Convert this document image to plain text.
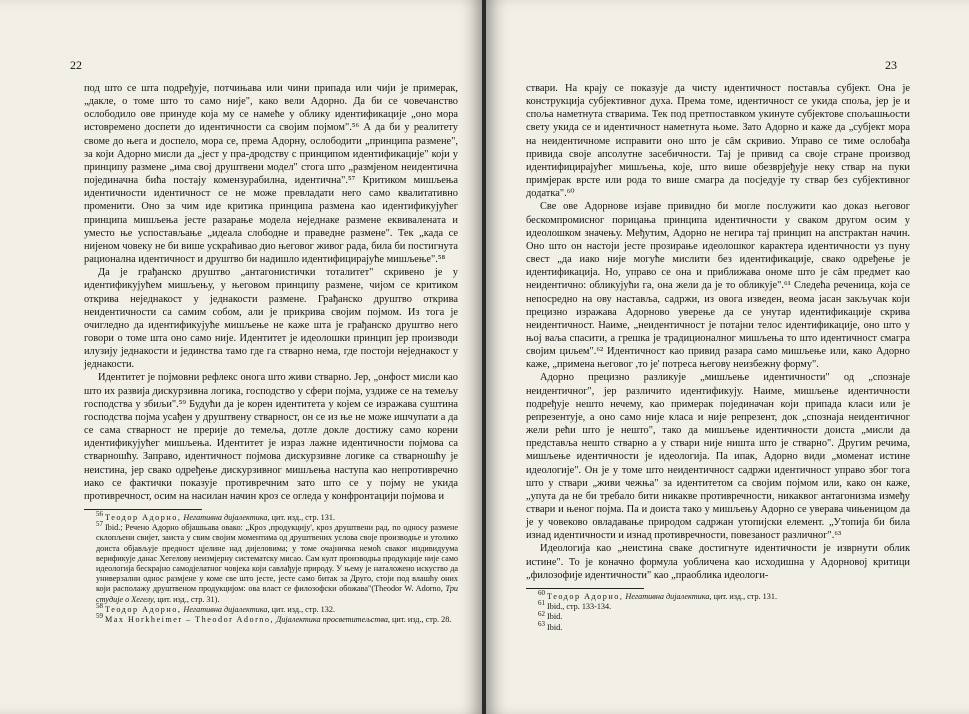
22

под што се шта подређује, потчињава или чини припада или чији је примерак, „дакле, о томе што то само није", како вели Адорно. Да би се човечанство ослободило ове принуде која му се намеће у облику идентификације „оно мора истовремено доспети до идентичности са својим појмом".⁵⁶ А да би у реалитету своме до њега и доспело, мора се, према Адорну, ослободити „принципа размене", за који Адорно мисли да „јест у пра-дродству с принципом идентификације" који у принципу размене „има свој друштвени модел" стога што „размјеном неидентична појединачна бића постају комензурабилна, идентична".⁵⁷ Критиком мишљења идентичности идентичност се не може превладати него само квалитативно променити. Оно за чим иде критика принципа размена као идентификујућег принципа мишљења јесте разарање модела неједнаке размене еквивалената и уместо ње успостављање „идеала слободне и праведне размене". Тек „када се нијеном човеку не би више ускраћивао дио његовог живог рада, била би постигнута рационална идентичност и друштво би надишло идентифицирајуће мишљење".⁵⁸

Да је грађанско друштво „антагонистички тоталитет" скривено је у идентификујућем мишљењу, у његовом принципу размене, чијом се критиком открива неједнакост у једнакости размене. Грађанско друштво открива неидентичности са самим собом, али је прикрива својим појмом. Из тога је очигледно да идентификујуће мишљење не каже шта је грађанско друштво него говори о томе шта оно само није. Идентитет је идеолошки принцип јер производи илузију једнакости и јединства тамо где га стварно нема, где постоји неједнакост у једнакости.

Идентитет је појмовни рефлекс онога што живи стварно. Јер, „онфост мисли као што их развија дискурзивна логика, господство у сфери појма, уздиже се на темељу господства у збиљи".⁵⁹ Будући да је корен идентитета у којем се изражава суштина господства појма усађен у друштвену стварност, он се из ње не може ишчупати а да се сама стварност не прерије до темеља, дотле докле достижу само корени идентификујућег мишљења. Идентитет је израз лажне идентичности појмова са стварношћу. Заправо, идентичност појмова дискурзивне логике са стварношћу је неистина, јер свако одређење дискурзивног мишљења наступа као непротивречно иако се фактички показује противречним зато што се у појму не укида противречност, осим на насилан начин кроз се огледа у конфронтацији појмова и

56 Теодор Адорно, Негативна дијалектика, цит. изд., стр. 131.

57 Ibid.; Речено Адорно објашњава овако: „Крoз ,продукцију', кроз друштвени рад, по односу размене склопљени свијет, заиста у свим својим моментима од друштвених услова своје производње и утолико доиста објављује предност цјелине над дијеловима; у томе очајничка немоћ сваког индивидуума верификује данас Хегелову неизмјерну систематску мисао. Сам култ производња продукције није само идеологија бескрајно самодјелатног човјека који савлађује природу. У њему је наталожено искуство да универзални однос размјене у коме све што јесте, јесте само битак за Друго, стоји под влашћу оних који располажу друштвеном продукцијом: ова власт се филозофски обожава"(Theodor W. Adorno, Три студије о Хегелу, цит. изд., стр. 31).

58 Теодор Адорно, Негативна дијалектика, цит. изд., стр. 132.

59 Max Horkheimer – Theodor Adorno, Дијалектика просветитељства, цит. изд., стр. 28.

23

ствари. На крају се показује да чисту идентичност поставља субјект. Она је конструкција субјективног духа. Према томе, идентичност се укида споља, јер је и споља наметнута стварима. Тек под претпоставком укинуте субјектове спољашњости свету укида се и идентичност наметнута њоме. Зато Адорно и каже да „субјект мора на неидентичноме исправити оно што је сâм скривио. Управо се тиме ослобађа привида своје апсолутне засебичности. Тај је привид са своје стране производ идентифицирајућег мишљења, које, што више обезврјеђује неку ствар на пуки примјерак врсте или рода то више смагра да посједује ту ствар без субјективног додатка".⁶⁰

Све ове Адорнове изјаве привидно би могле послужити као доказ његовог бескомпромисног порицања принципа идентичности у сваком другом осим у идеолошком значењу. Међутим, Адорно не негира тај принцип на апстрактан начин. Оно што он настоји јесте прозирање идеолошког карактера идентичности уз пуну свест „да иако није могуће мислити без идентификације, свако одређење је идентификација. Но, управо се она и приближава ономе што је сâм предмет као неидентично: обликујући га, она жели да је то обликује".⁶¹ Следећа реченица, која се непосредно на ову наставља, садржи, из овога изведен, веома јасан закључак који прецизно изражава Адорново уверење да се унутар идентификације скрива неидентичност. Наиме, „неидентичност је потајни телос идентификације, оно што у њој ваља спасити, а грешка је традиционалног мишљења то што идентичност смагра својим циљем".⁶² Идентичност као привид разара само мишљење или, како Адорно каже, „примена његовог ,то је' потреса његову неизбежну форму".

Адорно прецизно разликује „мишљење идентичности" од „спознаје неидентичног", јер различито идентификују. Наиме, мишљење идентичности подређује нешто нечему, као примерак појединачан који припада класи или је репрезентује, а оно само није класа и није репрезент, док „спознаја неидентичног жели рећи што је нешто", тако да мишљење идентичности доиста „мисли да представља нешто стварно а у ствари није ништа што је стварно". Другим речима, мишљење идентичности је идеологија. Па ипак, Адорно види „моменат истине идеологије". Он је у томе што неидентичност садржи идентичност управо због тога што у ствари „живи чежња" за идентитетом са својим појмом или, како он каже, „упута да не би требало бити никакве противречности, никаквог антагонизма између ствари и њеног појма. Па и доиста тако у мишљењу Адорно се уверава чињеницом да је у човеково овладавање природом садржан утопијски елемент. „Утопија би била изнад идентичности и изнад противречности, повезаност различног".⁶³

Идеологија као „неистина сваке достигнуте идентичности је изврнути облик истине". То је коначно формула уобличена као исходишна у Адорновој критици „филозофије идентичности" као „праоблика идеологи-

60 Теодор Адорно, Негативна дијалектика, цит. изд., стр. 131.

61 Ibid., стр. 133-134.

62 Ibid.

63 Ibid.
